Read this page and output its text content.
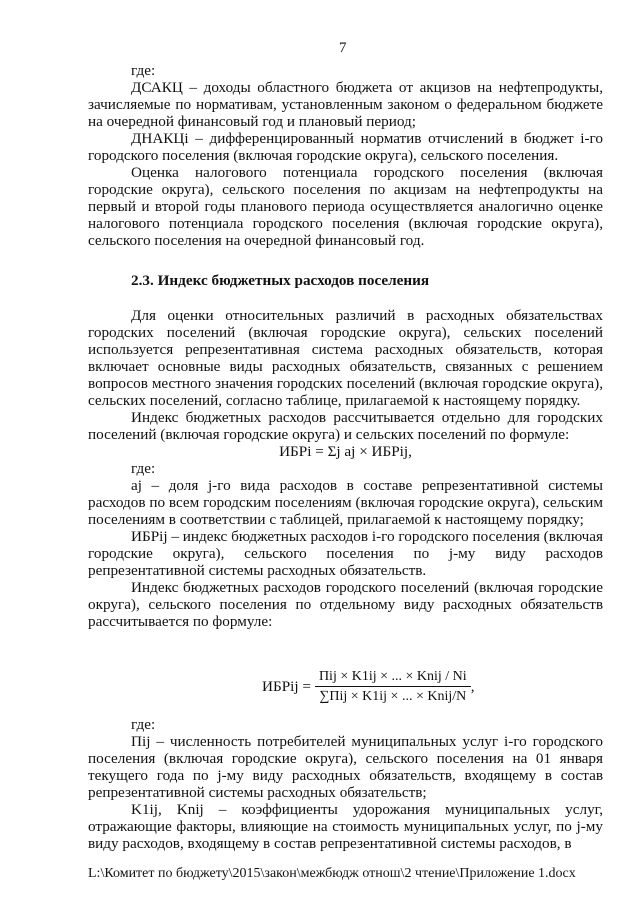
7

где:

ДСАКЦ – доходы областного бюджета от акцизов на нефтепродукты, зачисляемые по нормативам, установленным законом о федеральном бюджете на очередной финансовый год и плановый период;

ДНАКЦі – дифференцированный норматив отчислений в бюджет i-го городского поселения (включая городские округа), сельского поселения.

Оценка налогового потенциала городского поселения (включая городские округа), сельского поселения по акцизам на нефтепродукты на первый и второй годы планового периода осуществляется аналогично оценке налогового потенциала городского поселения (включая городские округа), сельского поселения на очередной финансовый год.

2.3. Индекс бюджетных расходов поселения

Для оценки относительных различий в расходных обязательствах городских поселений (включая городские округа), сельских поселений используется репрезентативная система расходных обязательств, которая включает основные виды расходных обязательств, связанных с решением вопросов местного значения городских поселений (включая городские округа), сельских поселений, согласно таблице, прилагаемой к настоящему порядку.

Индекс бюджетных расходов рассчитывается отдельно для городских поселений (включая городские округа) и сельских поселений по формуле:

ИБРi = Σj aj × ИБРij,

где:

aj – доля j-го вида расходов в составе репрезентативной системы расходов по всем городским поселениям (включая городские округа), сельским поселениям в соответствии с таблицей, прилагаемой к настоящему порядку;

ИБРij – индекс бюджетных расходов i-го городского поселения (включая городские округа), сельского поселения по j-му виду расходов репрезентативной системы расходных обязательств.

Индекс бюджетных расходов городского поселений (включая городские округа), сельского поселения по отдельному виду расходных обязательств рассчитывается по формуле:

ИБРij = $\frac{\text{Пij × K1ij × ... × Knij / Ni}}{\text{∑Пij × K1ij × ... × Knij/N}}$ ,

где:

Пij – численность потребителей муниципальных услуг i-го городского поселения (включая городские округа), сельского поселения на 01 января текущего года по j-му виду расходных обязательств, входящему в состав репрезентативной системы расходных обязательств;

K1ij, Knij – коэффициенты удорожания муниципальных услуг, отражающие факторы, влияющие на стоимость муниципальных услуг, по j-му виду расходов, входящему в состав репрезентативной системы расходов, в

L:\Комитет по бюджету\2015\закон\межбюдж отнош\2 чтение\Приложение 1.docx
